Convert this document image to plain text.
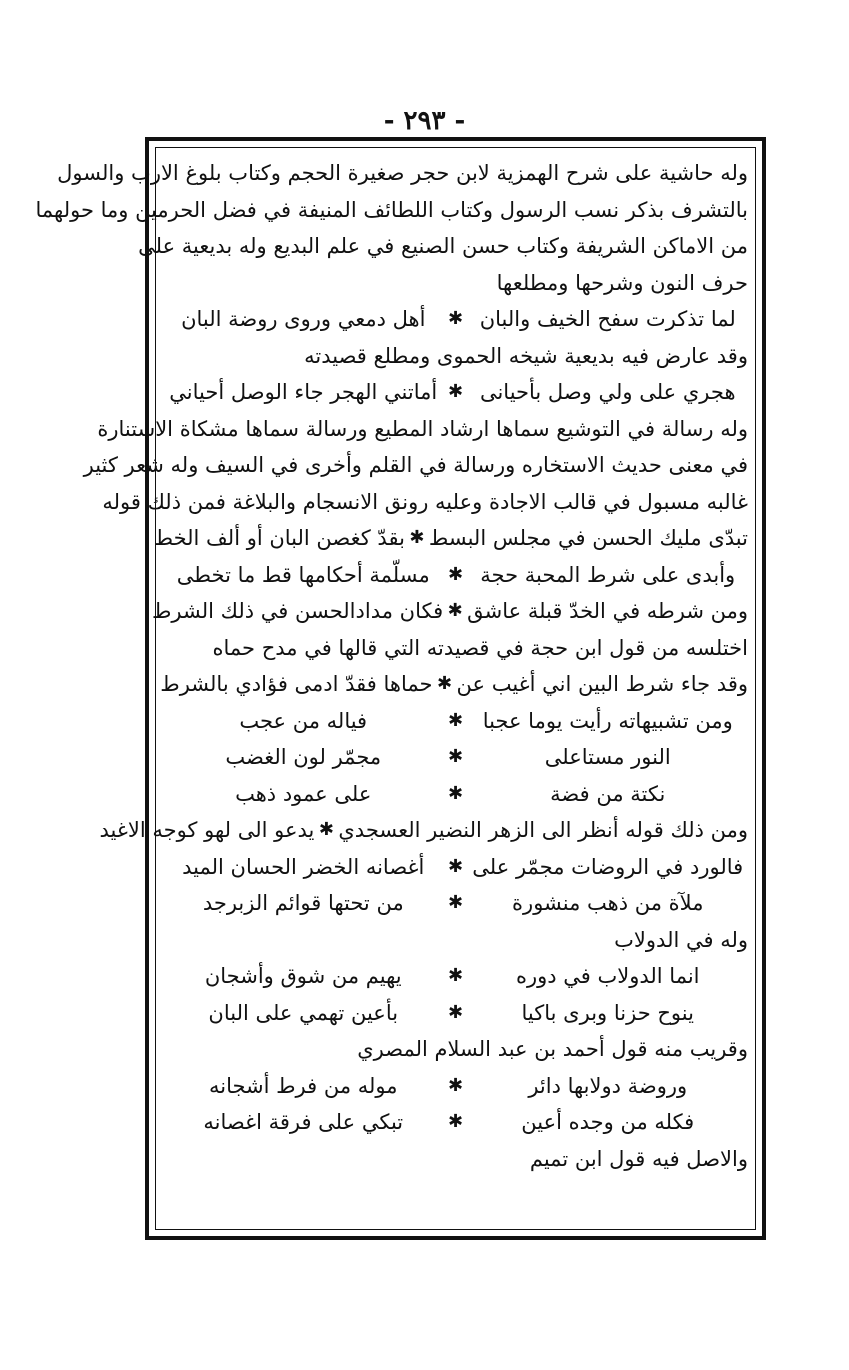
- ٢٩٣ -
وله حاشية على شرح الهمزية لابن حجر صغيرة الحجم وكتاب بلوغ الارب والسول
بالتشرف بذكر نسب الرسول وكتاب اللطائف المنيفة في فضل الحرمين وما حولهما
من الاماكن الشريفة وكتاب حسن الصنيع في علم البديع وله بديعية على
حرف النون وشرحها ومطلعها
لما تذكرت سفح الخيف والبان
✱
أهل دمعي وروى روضة البان
وقد عارض فيه بديعية شيخه الحموى ومطلع قصيدته
هجري على ولي وصل بأحيانى
✱
أماتني الهجر جاء الوصل أحياني
وله رسالة في التوشيع سماها ارشاد المطيع ورسالة سماها مشكاة الاستنارة
في معنى حديث الاستخاره ورسالة في القلم وأخرى في السيف وله شعر كثير
غالبه مسبول في قالب الاجادة وعليه رونق الانسجام والبلاغة فمن ذلك قوله
تبدّى مليك الحسن في مجلس البسط
✱
بقدّ كغصن البان أو ألف الخط
وأبدى على شرط المحبة حجة
✱
مسلّمة أحكامها قط ما تخطى
ومن شرطه في الخدّ قبلة عاشق
✱
فكان مدادالحسن في ذلك الشرط
اختلسه من قول ابن حجة في قصيدته التي قالها في مدح حماه
وقد جاء شرط البين اني أغيب عن
✱
حماها فقدّ ادمى فؤادي بالشرط
ومن تشبيهاته رأيت يوما عجبا
✱
فياله من عجب
النور مستاعلى
✱
مجمّر لون الغضب
نكتة من فضة
✱
على عمود ذهب
ومن ذلك قوله أنظر الى الزهر النضير العسجدي
✱
يدعو الى لهو كوجه الاغيد
فالورد في الروضات مجمّر على
✱
أغصانه الخضر الحسان الميد
ملآة من ذهب منشورة
✱
من تحتها قوائم الزبرجد
وله في الدولاب
انما الدولاب في دوره
✱
يهيم من شوق وأشجان
ينوح حزنا وبرى باكيا
✱
بأعين تهمي على البان
وقريب منه قول أحمد بن عبد السلام المصري
وروضة دولابها دائر
✱
موله من فرط أشجانه
فكله من وجده أعين
✱
تبكي على فرقة اغصانه
والاصل فيه قول ابن تميم
